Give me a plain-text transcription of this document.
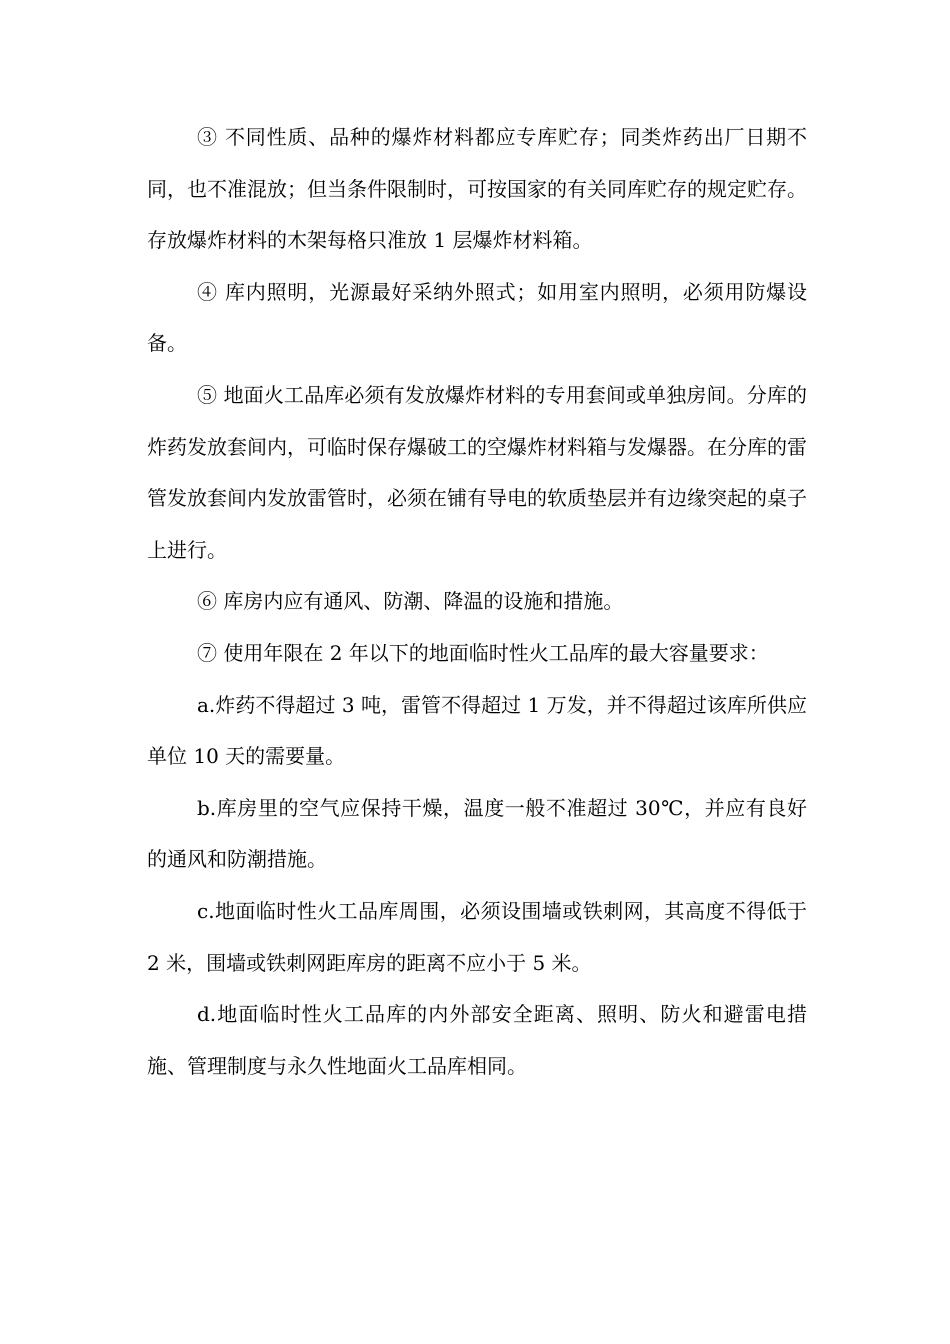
③ 不同性质、品种的爆炸材料都应专库贮存；同类炸药出厂日期不同，也不准混放；但当条件限制时，可按国家的有关同库贮存的规定贮存。存放爆炸材料的木架每格只准放 1 层爆炸材料箱。

④ 库内照明，光源最好采纳外照式；如用室内照明，必须用防爆设备。

⑤ 地面火工品库必须有发放爆炸材料的专用套间或单独房间。分库的炸药发放套间内，可临时保存爆破工的空爆炸材料箱与发爆器。在分库的雷管发放套间内发放雷管时，必须在铺有导电的软质垫层并有边缘突起的桌子上进行。

⑥ 库房内应有通风、防潮、降温的设施和措施。

⑦ 使用年限在 2 年以下的地面临时性火工品库的最大容量要求：

a.炸药不得超过 3 吨，雷管不得超过 1 万发，并不得超过该库所供应单位 10 天的需要量。

b.库房里的空气应保持干燥，温度一般不准超过 30℃，并应有良好的通风和防潮措施。

c.地面临时性火工品库周围，必须设围墙或铁刺网，其高度不得低于 2 米，围墙或铁刺网距库房的距离不应小于 5 米。

d.地面临时性火工品库的内外部安全距离、照明、防火和避雷电措施、管理制度与永久性地面火工品库相同。
